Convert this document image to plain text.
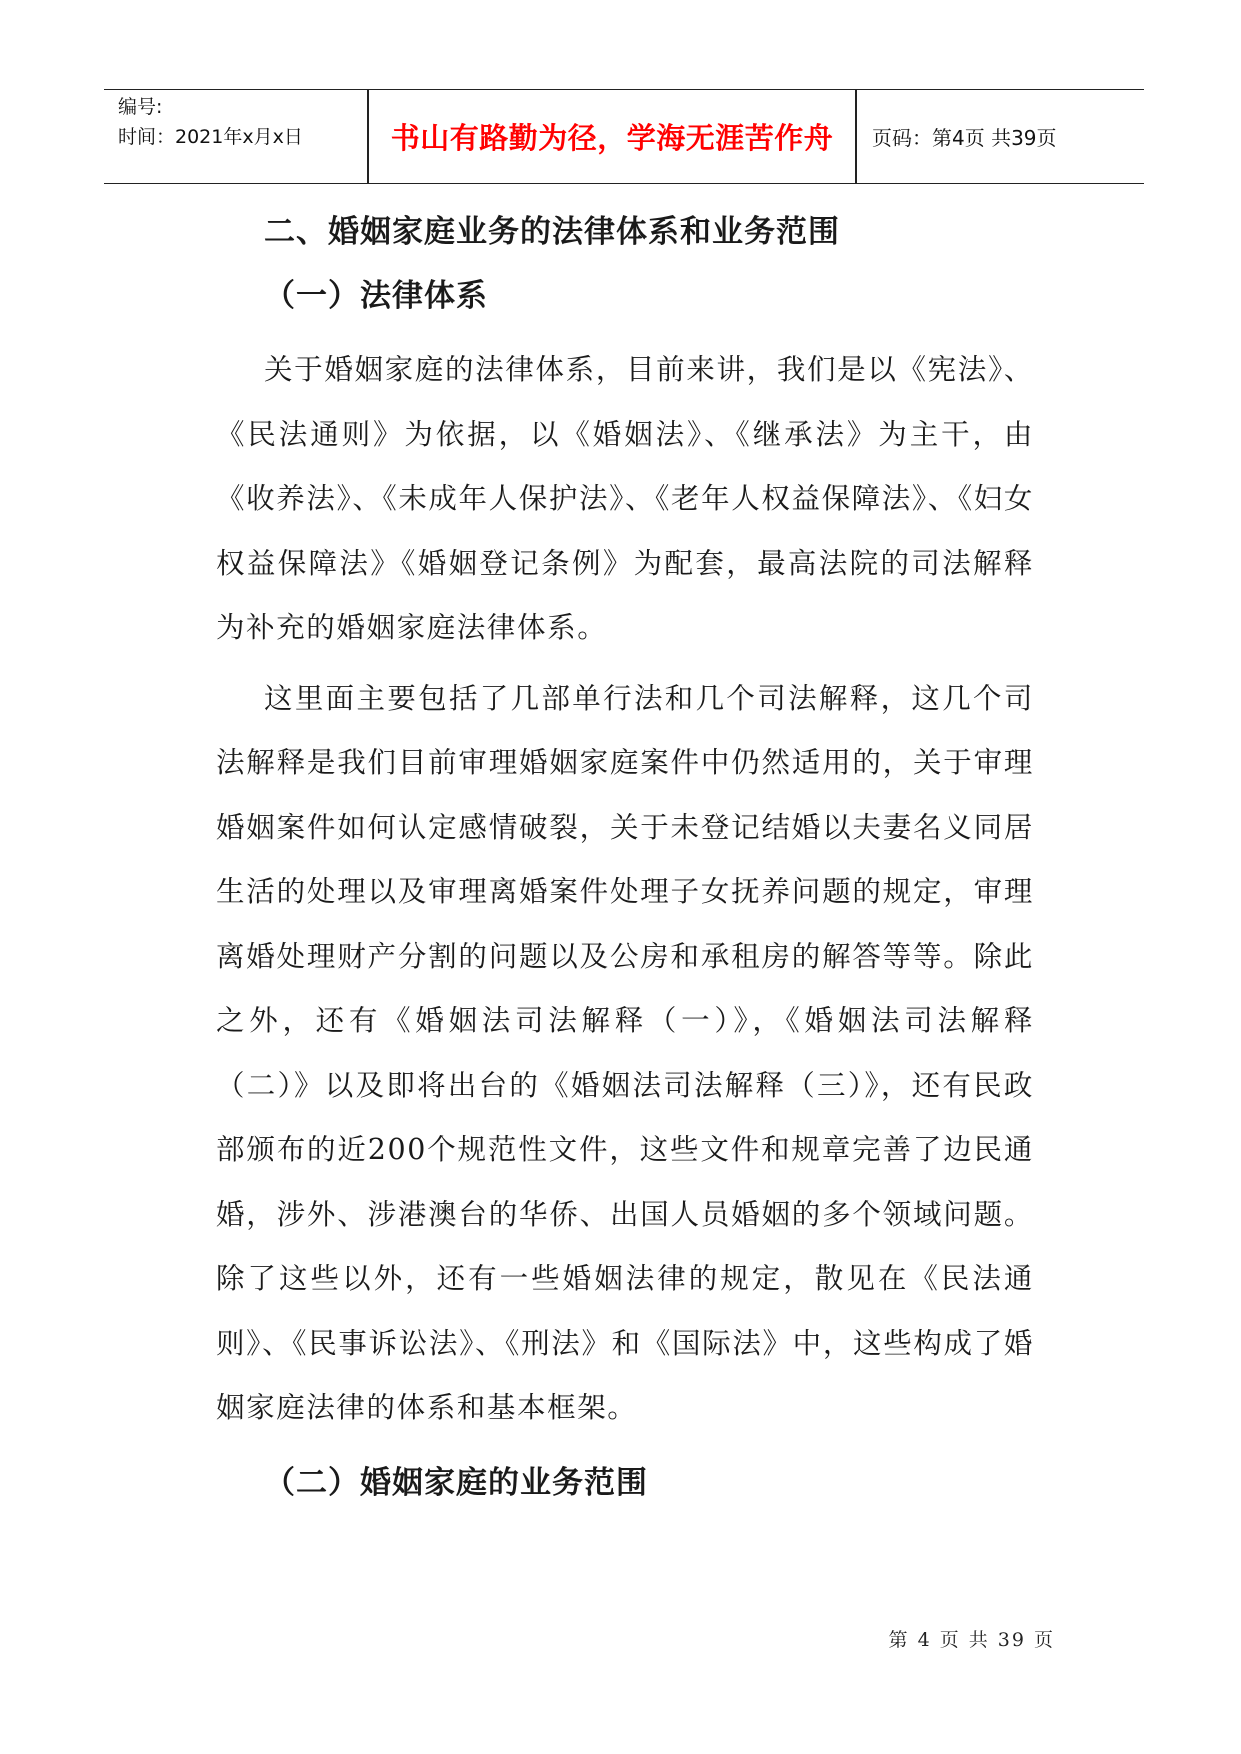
编号:
时间：2021年x月x日	书山有路勤为径，学海无涯苦作舟	页码：第4页 共39页
二、婚姻家庭业务的法律体系和业务范围
（一）法律体系

关于婚姻家庭的法律体系，目前来讲，我们是以《宪法》、《民法通则》为依据，以《婚姻法》、《继承法》为主干，由《收养法》、《未成年人保护法》、《老年人权益保障法》、《妇女权益保障法》《婚姻登记条例》为配套，最高法院的司法解释为补充的婚姻家庭法律体系。

这里面主要包括了几部单行法和几个司法解释，这几个司法解释是我们目前审理婚姻家庭案件中仍然适用的，关于审理婚姻案件如何认定感情破裂，关于未登记结婚以夫妻名义同居生活的处理以及审理离婚案件处理子女抚养问题的规定，审理离婚处理财产分割的问题以及公房和承租房的解答等等。除此之外，还有《婚姻法司法解释（一）》，《婚姻法司法解释（二）》以及即将出台的《婚姻法司法解释（三）》，还有民政部颁布的近200个规范性文件，这些文件和规章完善了边民通婚，涉外、涉港澳台的华侨、出国人员婚姻的多个领域问题。除了这些以外，还有一些婚姻法律的规定，散见在《民法通则》、《民事诉讼法》、《刑法》和《国际法》中，这些构成了婚姻家庭法律的体系和基本框架。

（二）婚姻家庭的业务范围
第 4 页 共 39 页
